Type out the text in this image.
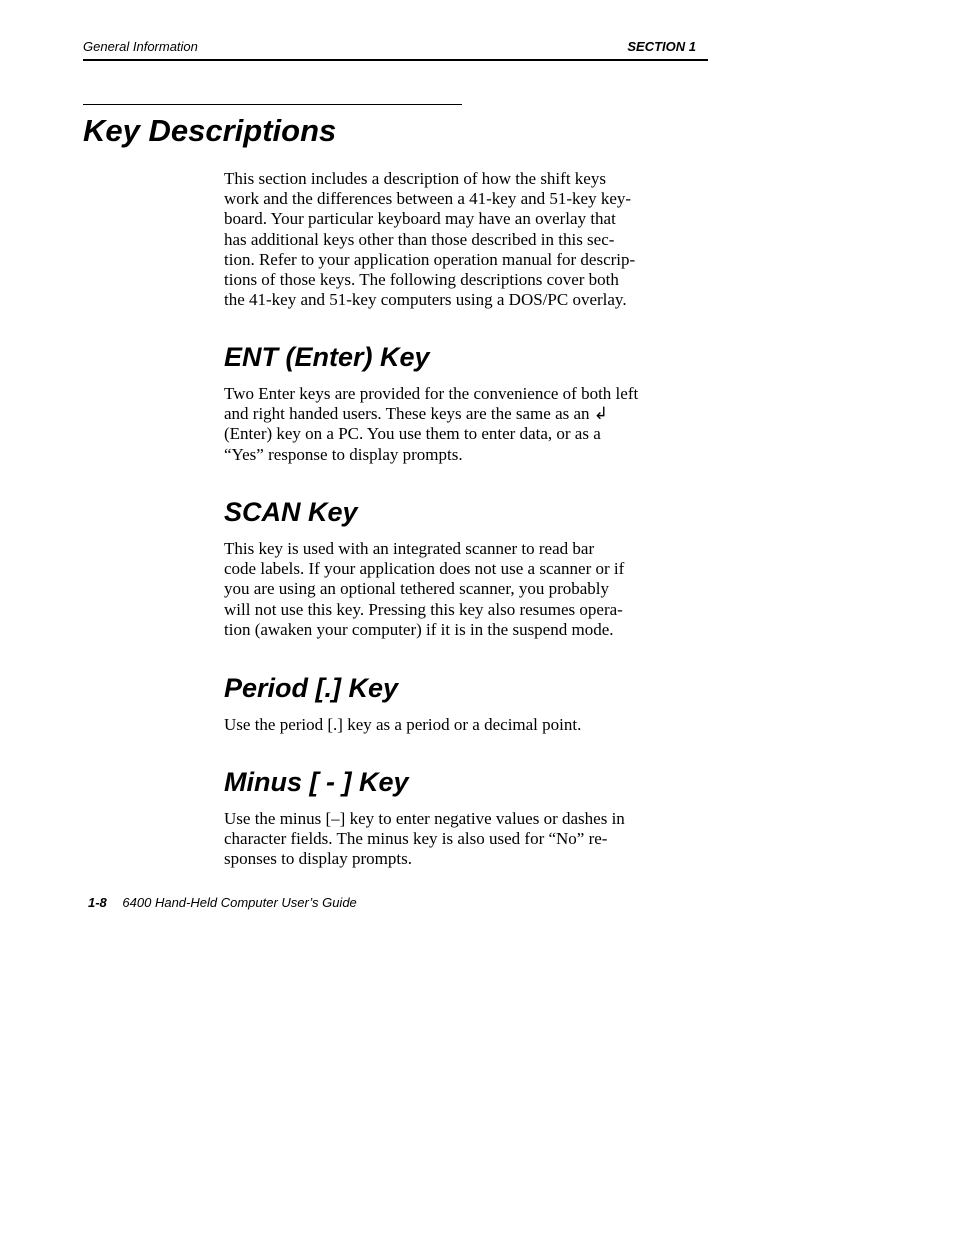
General Information	SECTION 1
Key Descriptions
This section includes a description of how the shift keys
work and the differences between a 41-key and 51-key key-
board. Your particular keyboard may have an overlay that
has additional keys other than those described in this sec-
tion. Refer to your application operation manual for descrip-
tions of those keys. The following descriptions cover both
the 41-key and 51-key computers using a DOS/PC overlay.
ENT (Enter) Key
Two Enter keys are provided for the convenience of both left
and right handed users. These keys are the same as an ↲
(Enter) key on a PC. You use them to enter data, or as a
“Yes” response to display prompts.
SCAN Key
This key is used with an integrated scanner to read bar
code labels. If your application does not use a scanner or if
you are using an optional tethered scanner, you probably
will not use this key. Pressing this key also resumes opera-
tion (awaken your computer) if it is in the suspend mode.
Period [.] Key
Use the period [.] key as a period or a decimal point.
Minus [ - ] Key
Use the minus [–] key to enter negative values or dashes in
character fields. The minus key is also used for “No” re-
sponses to display prompts.
1-8 6400 Hand-Held Computer User’s Guide
